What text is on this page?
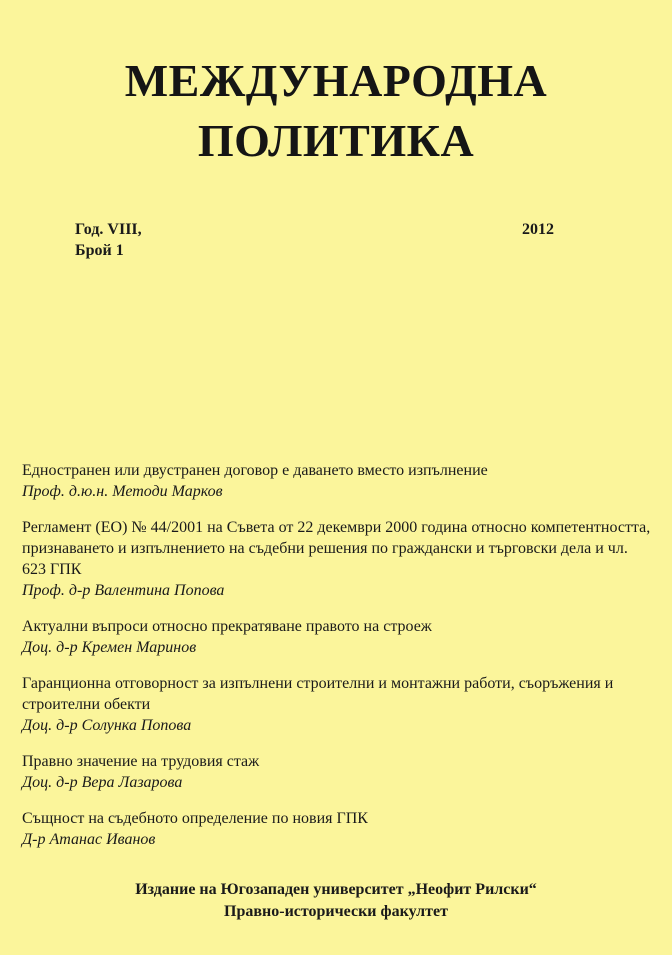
МЕЖДУНАРОДНА
ПОЛИТИКА
Год. VIII,
Брой 1
2012
Едностранен или двустранен договор е даването вместо изпълнение
Проф. д.ю.н. Методи Марков
Регламент (ЕО) № 44/2001 на Съвета от 22 декември 2000 година относно компетентността, признаването и изпълнението на съдебни решения по граждански и търговски дела и чл. 623 ГПК
Проф. д-р Валентина Попова
Актуални въпроси относно прекратяване правото на строеж
Доц. д-р Кремен Маринов
Гаранционна отговорност за изпълнени строителни и монтажни работи, съоръжения и строителни обекти
Доц. д-р Солунка Попова
Правно значение на трудовия стаж
Доц. д-р Вера Лазарова
Същност на съдебното определение по новия ГПК
Д-р Атанас Иванов
Издание на Югозападен университет „Неофит Рилски“
Правно-исторически факултет
